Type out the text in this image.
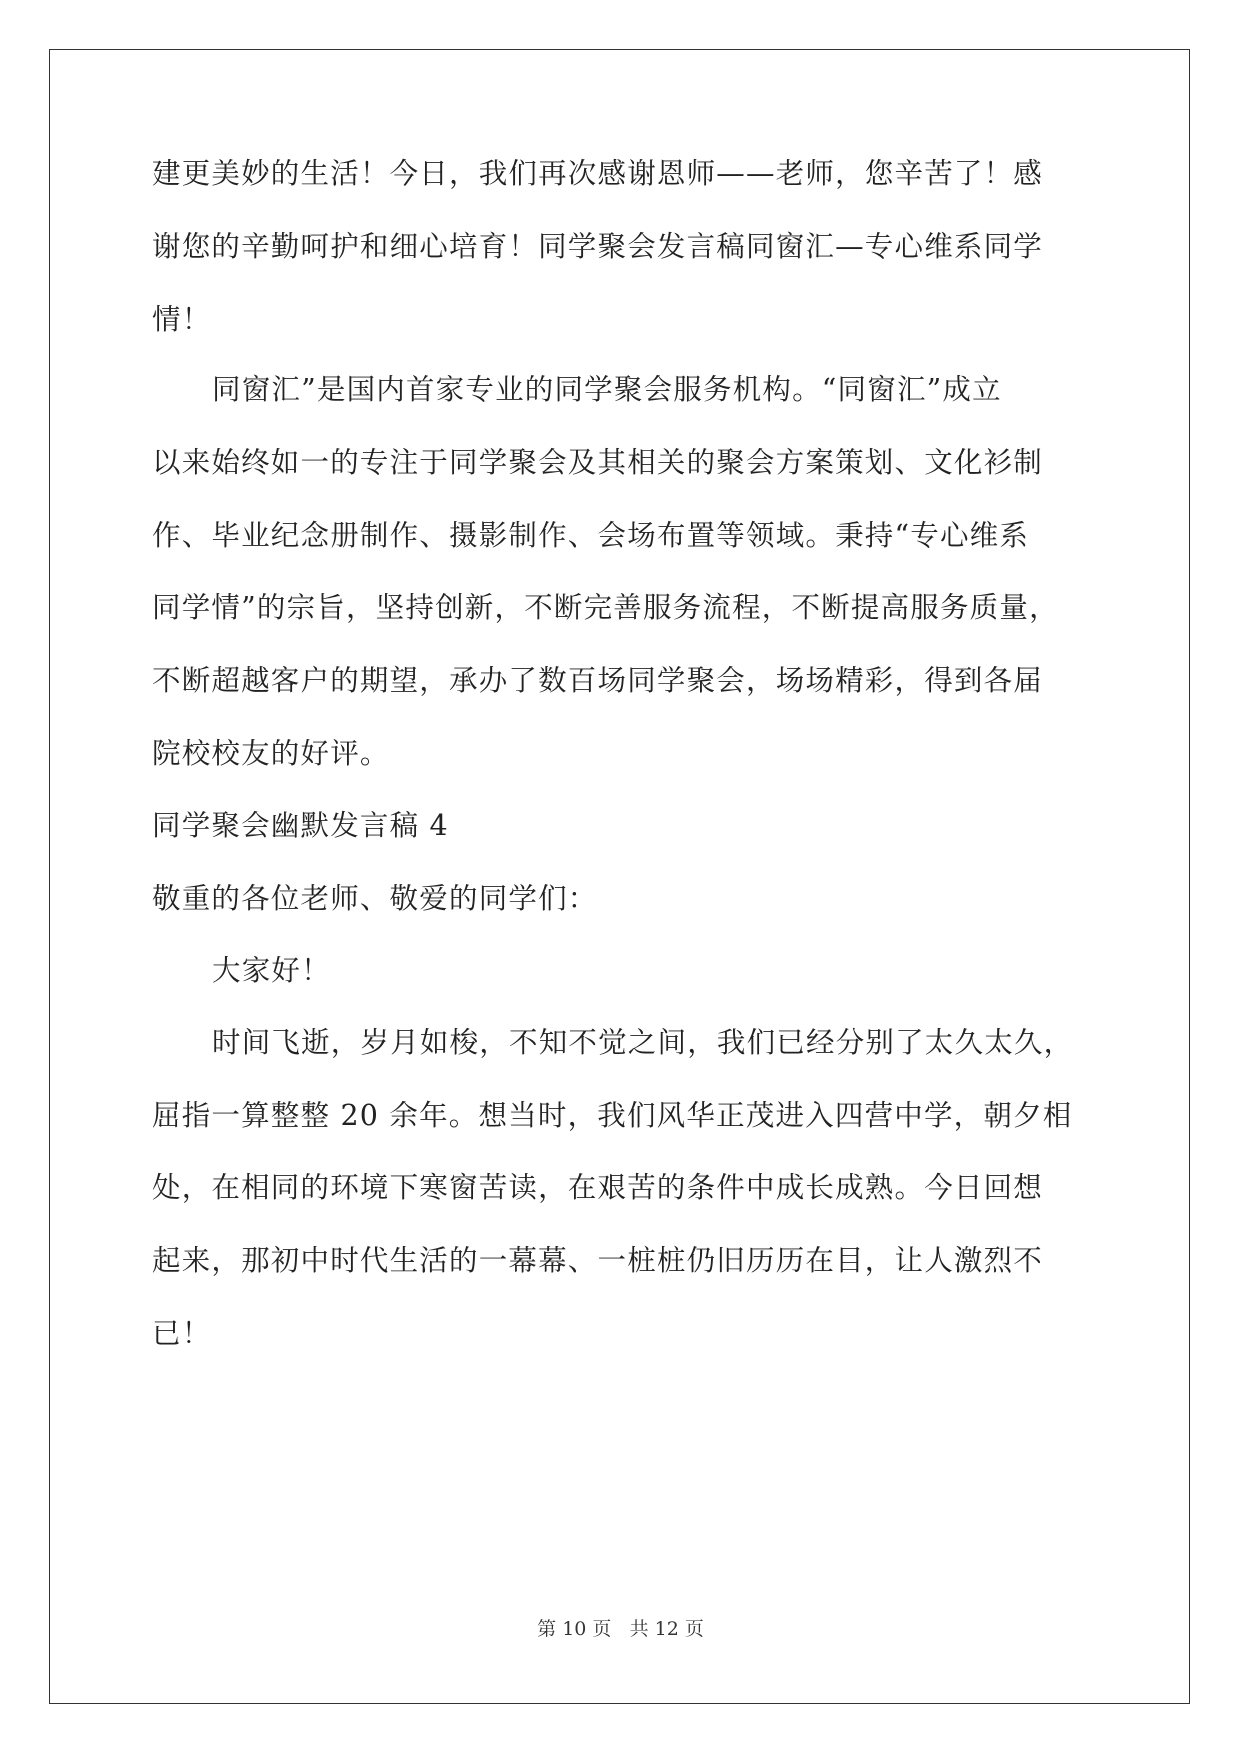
建更美妙的生活！今日，我们再次感谢恩师——老师，您辛苦了！感
谢您的辛勤呵护和细心培育！同学聚会发言稿同窗汇—专心维系同学
情！
同窗汇”是国内首家专业的同学聚会服务机构。“同窗汇”成立
以来始终如一的专注于同学聚会及其相关的聚会方案策划、文化衫制
作、毕业纪念册制作、摄影制作、会场布置等领域。秉持“专心维系
同学情”的宗旨，坚持创新，不断完善服务流程，不断提高服务质量，
不断超越客户的期望，承办了数百场同学聚会，场场精彩，得到各届
院校校友的好评。
同学聚会幽默发言稿 4
敬重的各位老师、敬爱的同学们：
大家好！
时间飞逝，岁月如梭，不知不觉之间，我们已经分别了太久太久，
屈指一算整整 20 余年。想当时，我们风华正茂进入四营中学，朝夕相
处，在相同的环境下寒窗苦读，在艰苦的条件中成长成熟。今日回想
起来，那初中时代生活的一幕幕、一桩桩仍旧历历在目，让人激烈不
已！
第 10 页 共 12 页
